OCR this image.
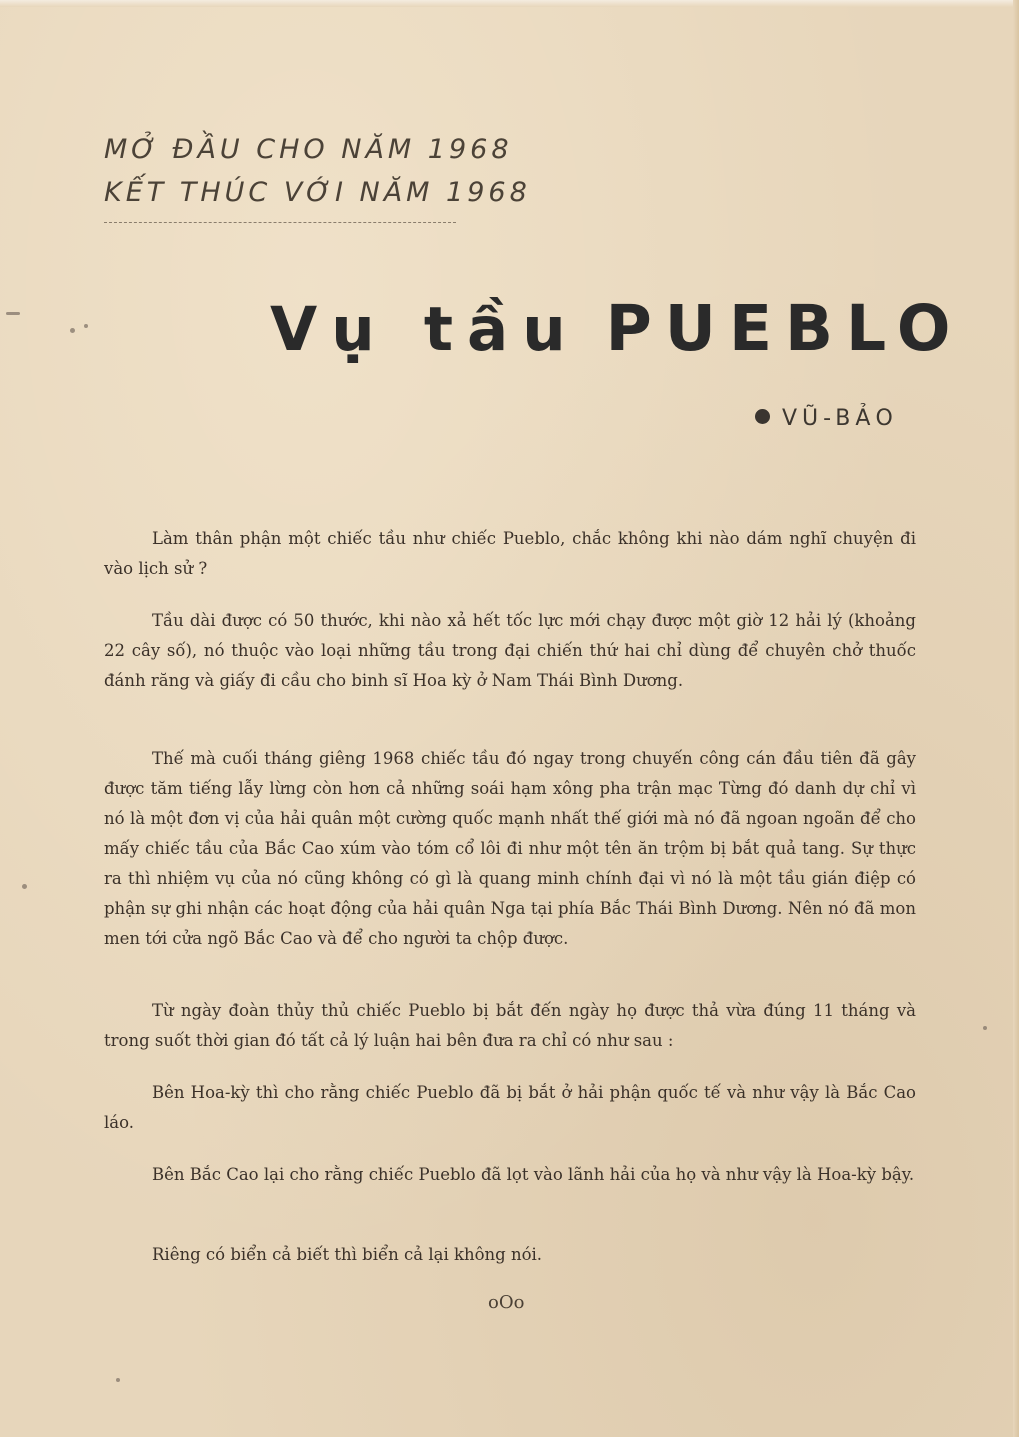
MỞ ĐẦU CHO NĂM 1968
KẾT THÚC VỚI NĂM 1968
Vụ tầu PUEBLO
VŨ-BẢO

Làm thân phận một chiếc tầu như chiếc Pueblo, chắc không khi nào dám nghĩ chuyện đi vào lịch sử ?

Tầu dài được có 50 thước, khi nào xả hết tốc lực mới chạy được một giờ 12 hải lý (khoảng 22 cây số), nó thuộc vào loại những tầu trong đại chiến thứ hai chỉ dùng để chuyên chở thuốc đánh răng và giấy đi cầu cho binh sĩ Hoa kỳ ở Nam Thái Bình Dương.

Thế mà cuối tháng giêng 1968 chiếc tầu đó ngay trong chuyến công cán đầu tiên đã gây được tăm tiếng lẫy lừng còn hơn cả những soái hạm xông pha trận mạc Từng đó danh dự chỉ vì nó là một đơn vị của hải quân một cường quốc mạnh nhất thế giới mà nó đã ngoan ngoãn để cho mấy chiếc tầu của Bắc Cao xúm vào tóm cổ lôi đi như một tên ăn trộm bị bắt quả tang. Sự thực ra thì nhiệm vụ của nó cũng không có gì là quang minh chính đại vì nó là một tầu gián điệp có phận sự ghi nhận các hoạt động của hải quân Nga tại phía Bắc Thái Bình Dương. Nên nó đã mon men tới cửa ngõ Bắc Cao và để cho người ta chộp được.

Từ ngày đoàn thủy thủ chiếc Pueblo bị bắt đến ngày họ được thả vừa đúng 11 tháng và trong suốt thời gian đó tất cả lý luận hai bên đưa ra chỉ có như sau :

Bên Hoa-kỳ thì cho rằng chiếc Pueblo đã bị bắt ở hải phận quốc tế và như vậy là Bắc Cao láo.

Bên Bắc Cao lại cho rằng chiếc Pueblo đã lọt vào lãnh hải của họ và như vậy là Hoa-kỳ bậy.

Riêng có biển cả biết thì biển cả lại không nói.

oOo
